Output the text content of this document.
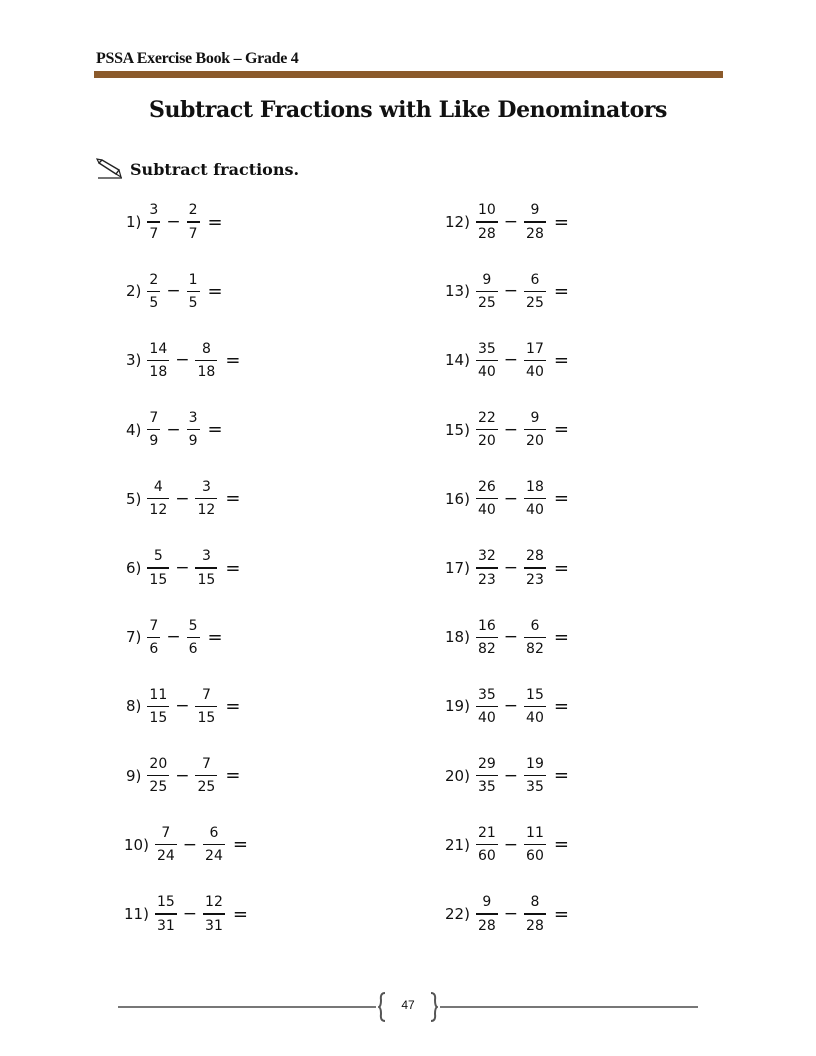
PSSA Exercise Book – Grade 4
Subtract Fractions with Like Denominators
Subtract fractions.
$1) \frac{3}{7} - \frac{2}{7}$ =
$2) \frac{2}{5} - \frac{1}{5}$ =
$3) \frac{14}{18} - \frac{8}{18}$ =
$4) \frac{7}{9} - \frac{3}{9}$ =
$5) \frac{4}{12} - \frac{3}{12}$ =
$6) \frac{5}{15} - \frac{3}{15}$ =
$7) \frac{7}{6} - \frac{5}{6}$ =
$8) \frac{11}{15} - \frac{7}{15}$ =
$9) \frac{20}{25} - \frac{7}{25}$ =
$10) \frac{7}{24} - \frac{6}{24}$ =
$11) \frac{15}{31} - \frac{12}{31}$ =
$12) \frac{10}{28} - \frac{9}{28}$ =
$13) \frac{9}{25} - \frac{6}{25}$ =
$14) \frac{35}{40} - \frac{17}{40}$ =
$15) \frac{22}{20} - \frac{9}{20}$ =
$16) \frac{26}{40} - \frac{18}{40}$ =
$17) \frac{32}{23} - \frac{28}{23}$ =
$18) \frac{16}{82} - \frac{6}{82}$ =
$19) \frac{35}{40} - \frac{15}{40}$ =
$20) \frac{29}{35} - \frac{19}{35}$ =
$21) \frac{21}{60} - \frac{11}{60}$ =
$22) \frac{9}{28} - \frac{8}{28}$ =
47
